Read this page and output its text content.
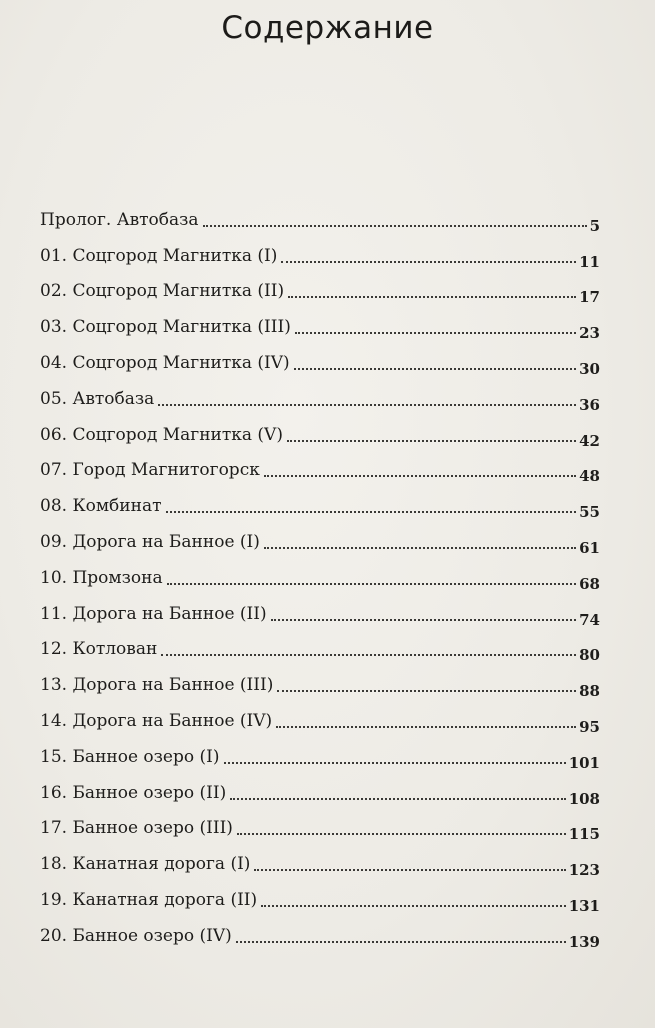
Содержание
Пролог. Автобаза	5
01. Соцгород Магнитка (I)	11
02. Соцгород Магнитка (II)	17
03. Соцгород Магнитка (III)	23
04. Соцгород Магнитка (IV)	30
05. Автобаза	36
06. Соцгород Магнитка (V)	42
07. Город Магнитогорск	48
08. Комбинат	55
09. Дорога на Банное (I)	61
10. Промзона	68
11. Дорога на Банное (II)	74
12. Котлован	80
13. Дорога на Банное (III)	88
14. Дорога на Банное (IV)	95
15. Банное озеро (I)	101
16. Банное озеро (II)	108
17. Банное озеро (III)	115
18. Канатная дорога (I)	123
19. Канатная дорога (II)	131
20. Банное озеро (IV)	139
